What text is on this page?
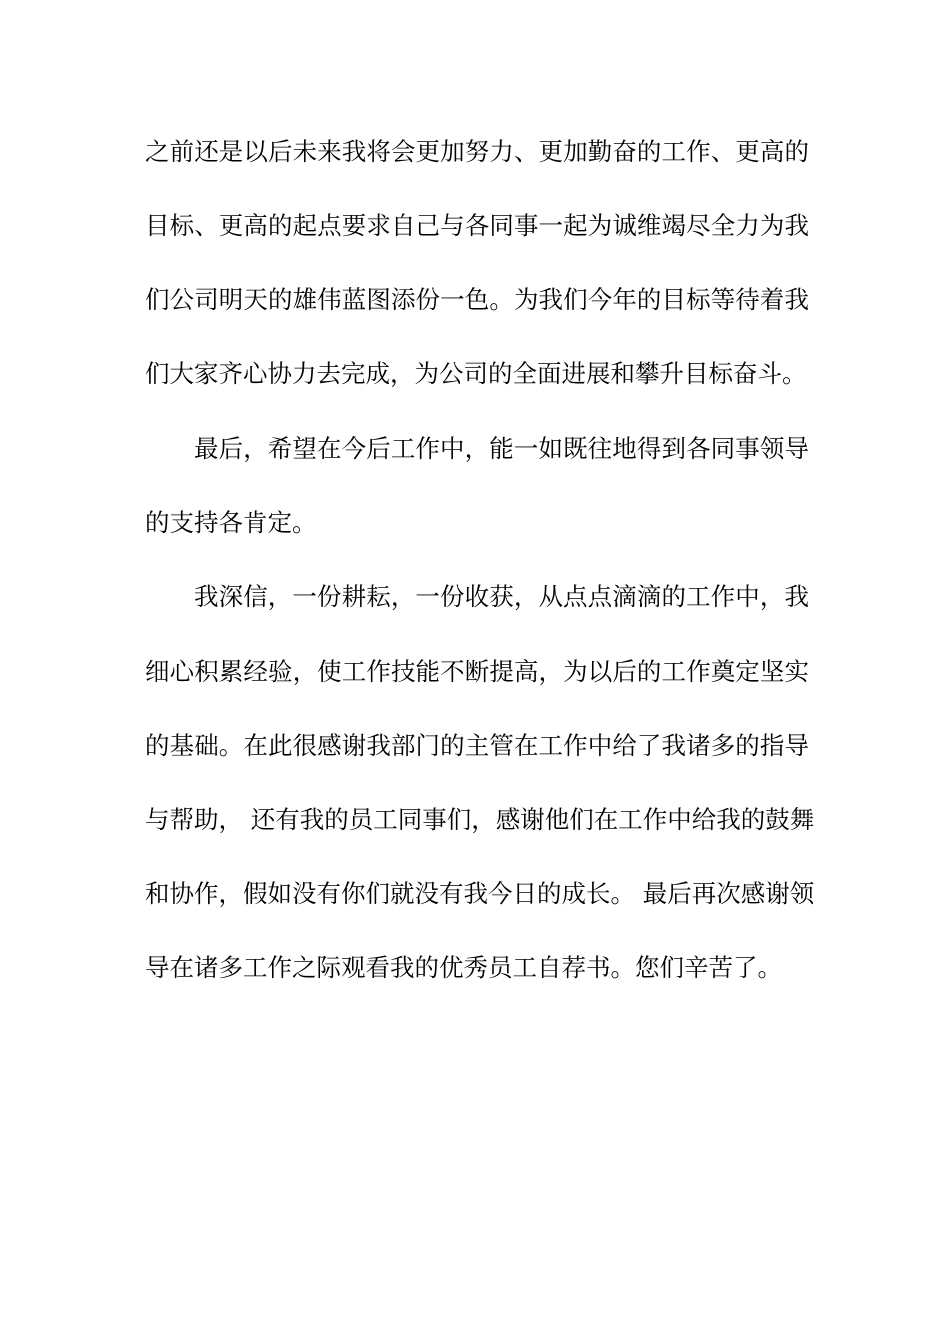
之前还是以后未来我将会更加努力、更加勤奋的工作、更高的
目标、更高的起点要求自己与各同事一起为诚维竭尽全力为我
们公司明天的雄伟蓝图添份一色。为我们今年的目标等待着我
们大家齐心协力去完成，为公司的全面进展和攀升目标奋斗。
最后，希望在今后工作中，能一如既往地得到各同事领导
的支持各肯定。
我深信，一份耕耘，一份收获，从点点滴滴的工作中，我
细心积累经验，使工作技能不断提高，为以后的工作奠定坚实
的基础。在此很感谢我部门的主管在工作中给了我诸多的指导
与帮助， 还有我的员工同事们，感谢他们在工作中给我的鼓舞
和协作，假如没有你们就没有我今日的成长。 最后再次感谢领
导在诸多工作之际观看我的优秀员工自荐书。您们辛苦了。
